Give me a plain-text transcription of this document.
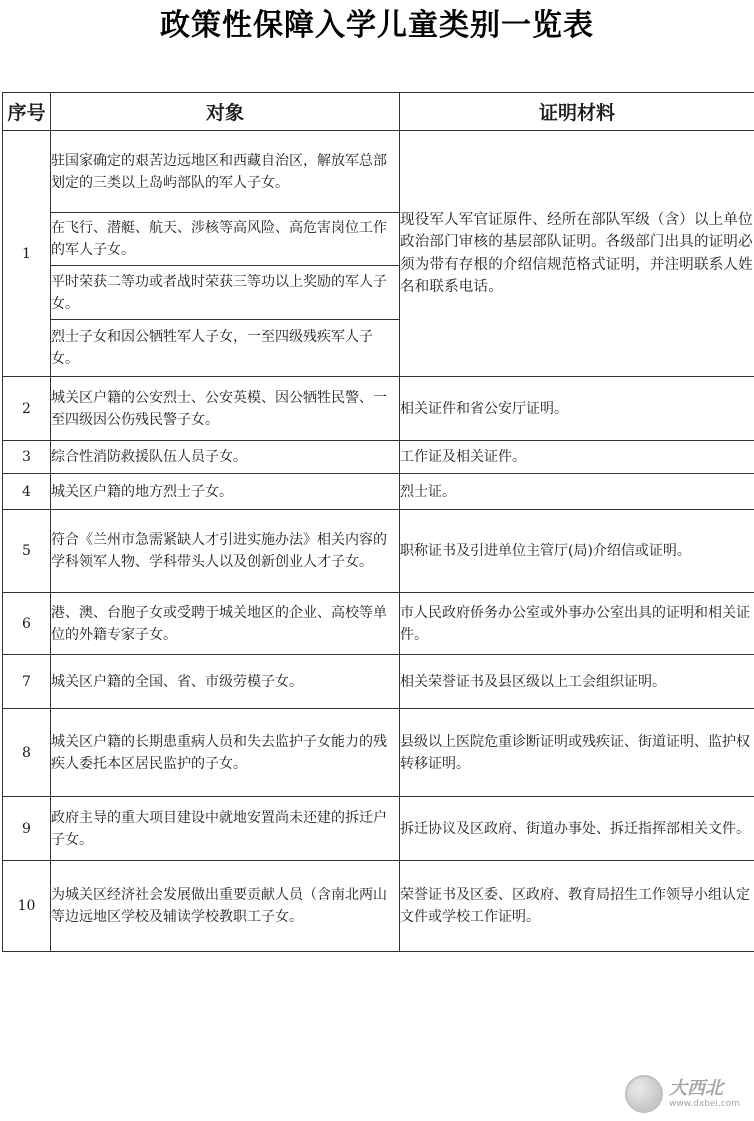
政策性保障入学儿童类别一览表
序号	对象	证明材料
1	驻国家确定的艰苦边远地区和西藏自治区，解放军总部划定的三类以上岛屿部队的军人子女。	现役军人军官证原件、经所在部队军级（含）以上单位政治部门审核的基层部队证明。各级部门出具的证明必须为带有存根的介绍信规范格式证明，并注明联系人姓名和联系电话。
	在飞行、潜艇、航天、涉核等高风险、高危害岗位工作的军人子女。	
	平时荣获二等功或者战时荣获三等功以上奖励的军人子女。	
	烈士子女和因公牺牲军人子女，一至四级残疾军人子女。	
2	城关区户籍的公安烈士、公安英模、因公牺牲民警、一至四级因公伤残民警子女。	相关证件和省公安厅证明。
3	综合性消防救援队伍人员子女。	工作证及相关证件。
4	城关区户籍的地方烈士子女。	烈士证。
5	符合《兰州市急需紧缺人才引进实施办法》相关内容的学科领军人物、学科带头人以及创新创业人才子女。	职称证书及引进单位主管厅(局)介绍信或证明。
6	港、澳、台胞子女或受聘于城关地区的企业、高校等单位的外籍专家子女。	市人民政府侨务办公室或外事办公室出具的证明和相关证件。
7	城关区户籍的全国、省、市级劳模子女。	相关荣誉证书及县区级以上工会组织证明。
8	城关区户籍的长期患重病人员和失去监护子女能力的残疾人委托本区居民监护的子女。	县级以上医院危重诊断证明或残疾证、街道证明、监护权转移证明。
9	政府主导的重大项目建设中就地安置尚未还建的拆迁户子女。	拆迁协议及区政府、街道办事处、拆迁指挥部相关文件。
10	为城关区经济社会发展做出重要贡献人员（含南北两山等边远地区学校及辅读学校教职工子女。	荣誉证书及区委、区政府、教育局招生工作领导小组认定文件或学校工作证明。
大西北
www.dxbei.com
